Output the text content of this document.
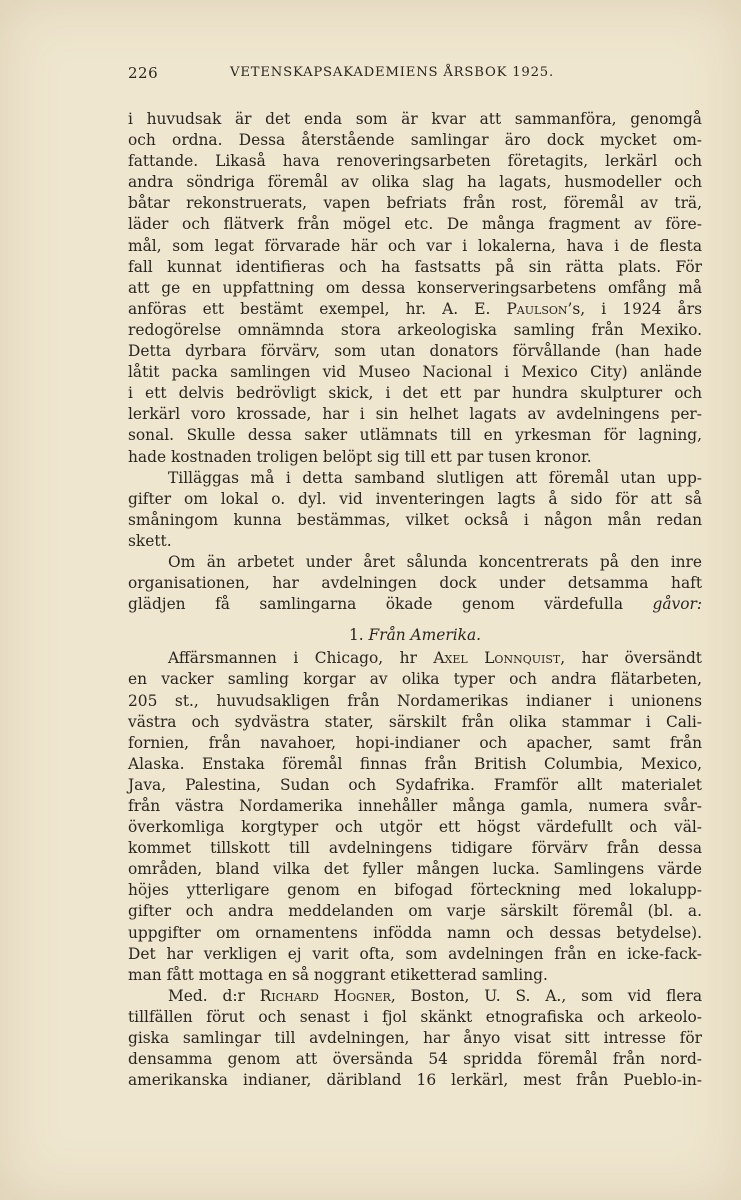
226	VETENSKAPSAKADEMIENS ÅRSBOK 1925.
i huvudsak är det enda som är kvar att sammanföra, genomgå
och ordna. Dessa återstående samlingar äro dock mycket om-
fattande. Likaså hava renoveringsarbeten företagits, lerkärl och
andra söndriga föremål av olika slag ha lagats, husmodeller och
båtar rekonstruerats, vapen befriats från rost, föremål av trä,
läder och flätverk från mögel etc. De många fragment av före-
mål, som legat förvarade här och var i lokalerna, hava i de flesta
fall kunnat identifieras och ha fastsatts på sin rätta plats. För
att ge en uppfattning om dessa konserveringsarbetens omfång må
anföras ett bestämt exempel, hr. A. E. Paulson’s, i 1924 års
redogörelse omnämnda stora arkeologiska samling från Mexiko.
Detta dyrbara förvärv, som utan donators förvållande (han hade
låtit packa samlingen vid Museo Nacional i Mexico City) anlände
i ett delvis bedrövligt skick, i det ett par hundra skulpturer och
lerkärl voro krossade, har i sin helhet lagats av avdelningens per-
sonal. Skulle dessa saker utlämnats till en yrkesman för lagning,
hade kostnaden troligen belöpt sig till ett par tusen kronor.
Tilläggas må i detta samband slutligen att föremål utan upp-
gifter om lokal o. dyl. vid inventeringen lagts å sido för att så
småningom kunna bestämmas, vilket också i någon mån redan
skett.
Om än arbetet under året sålunda koncentrerats på den inre
organisationen, har avdelningen dock under detsamma haft
glädjen få samlingarna ökade genom värdefulla gåvor:
1. Från Amerika.
Affärsmannen i Chicago, hr Axel Lonnquist, har översändt
en vacker samling korgar av olika typer och andra flätarbeten,
205 st., huvudsakligen från Nordamerikas indianer i unionens
västra och sydvästra stater, särskilt från olika stammar i Cali-
fornien, från navahoer, hopi-indianer och apacher, samt från
Alaska. Enstaka föremål finnas från British Columbia, Mexico,
Java, Palestina, Sudan och Sydafrika. Framför allt materialet
från västra Nordamerika innehåller många gamla, numera svår-
överkomliga korgtyper och utgör ett högst värdefullt och väl-
kommet tillskott till avdelningens tidigare förvärv från dessa
områden, bland vilka det fyller mången lucka. Samlingens värde
höjes ytterligare genom en bifogad förteckning med lokalupp-
gifter och andra meddelanden om varje särskilt föremål (bl. a.
uppgifter om ornamentens infödda namn och dessas betydelse).
Det har verkligen ej varit ofta, som avdelningen från en icke-fack-
man fått mottaga en så noggrant etiketterad samling.
Med. d:r Richard Hogner, Boston, U. S. A., som vid flera
tillfällen förut och senast i fjol skänkt etnografiska och arkeolo-
giska samlingar till avdelningen, har ånyo visat sitt intresse för
densamma genom att översända 54 spridda föremål från nord-
amerikanska indianer, däribland 16 lerkärl, mest från Pueblo-in-
